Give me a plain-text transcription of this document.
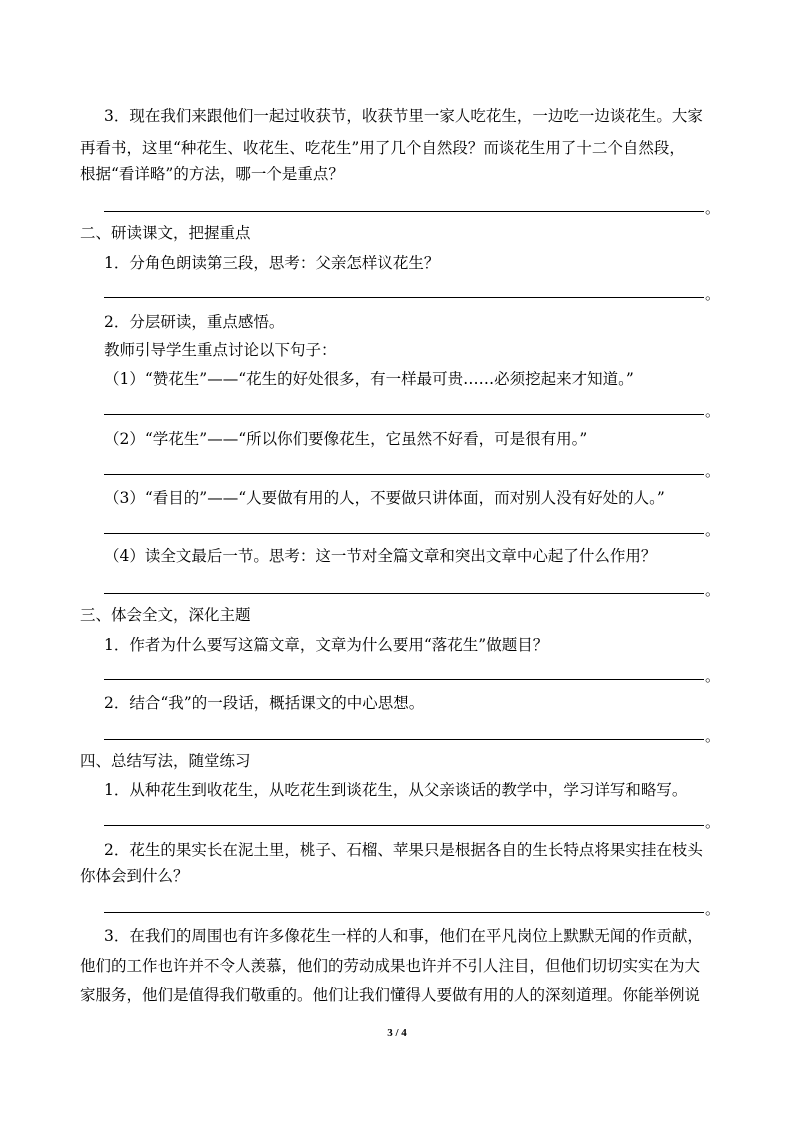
3．现在我们来跟他们一起过收获节，收获节里一家人吃花生，一边吃一边谈花生。大家
再看书，这里“种花生、收花生、吃花生”用了几个自然段？而谈花生用了十二个自然段，
根据“看详略”的方法，哪一个是重点？
。
二、研读课文，把握重点
1．分角色朗读第三段，思考：父亲怎样议花生？
。
2．分层研读，重点感悟。
教师引导学生重点讨论以下句子：
（1）“赞花生”——“花生的好处很多，有一样最可贵……必须挖起来才知道。”
。
（2）“学花生”——“所以你们要像花生，它虽然不好看，可是很有用。”
。
（3）“看目的”——“人要做有用的人，不要做只讲体面，而对别人没有好处的人。”
。
（4）读全文最后一节。思考：这一节对全篇文章和突出文章中心起了什么作用？
。
三、体会全文，深化主题
1．作者为什么要写这篇文章，文章为什么要用“落花生”做题目？
。
2．结合“我”的一段话，概括课文的中心思想。
。
四、总结写法，随堂练习
1．从种花生到收花生，从吃花生到谈花生，从父亲谈话的教学中，学习详写和略写。
。
2．花生的果实长在泥土里，桃子、石榴、苹果只是根据各自的生长特点将果实挂在枝头
你体会到什么？
。
3．在我们的周围也有许多像花生一样的人和事，他们在平凡岗位上默默无闻的作贡献，
他们的工作也许并不令人羡慕，他们的劳动成果也许并不引人注目，但他们切切实实在为大
家服务，他们是值得我们敬重的。他们让我们懂得人要做有用的人的深刻道理。你能举例说
3 / 4
